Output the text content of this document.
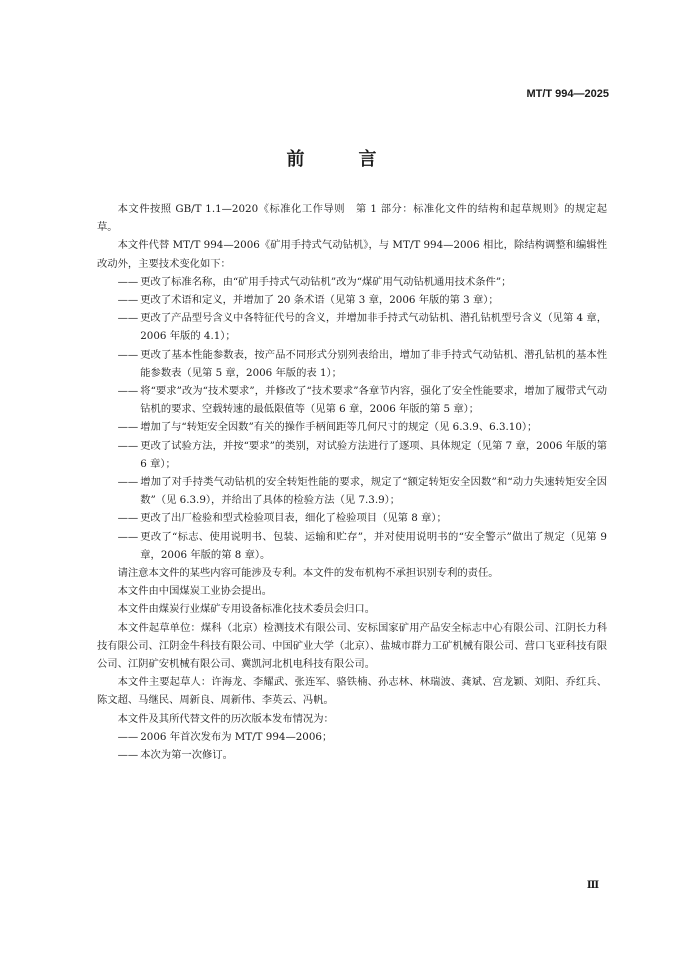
MT/T 994—2025
前　言

本文件按照 GB/T 1.1—2020《标准化工作导则　第 1 部分：标准化文件的结构和起草规则》的规定起草。

本文件代替 MT/T 994—2006《矿用手持式气动钻机》，与 MT/T 994—2006 相比，除结构调整和编辑性改动外，主要技术变化如下：

—— 更改了标准名称，由“矿用手持式气动钻机”改为“煤矿用气动钻机通用技术条件”；
—— 更改了术语和定义，并增加了 20 条术语（见第 3 章，2006 年版的第 3 章）；
—— 更改了产品型号含义中各特征代号的含义，并增加非手持式气动钻机、潜孔钻机型号含义（见第 4 章，2006 年版的 4.1）；
—— 更改了基本性能参数表，按产品不同形式分别列表给出，增加了非手持式气动钻机、潜孔钻机的基本性能参数表（见第 5 章，2006 年版的表 1）；
—— 将“要求”改为“技术要求”，并修改了“技术要求”各章节内容，强化了安全性能要求，增加了履带式气动钻机的要求、空载转速的最低限值等（见第 6 章，2006 年版的第 5 章）；
—— 增加了与“转矩安全因数”有关的操作手柄间距等几何尺寸的规定（见 6.3.9、6.3.10）；
—— 更改了试验方法，并按“要求”的类别，对试验方法进行了逐项、具体规定（见第 7 章，2006 年版的第 6 章）；
—— 增加了对手持类气动钻机的安全转矩性能的要求，规定了“额定转矩安全因数”和“动力失速转矩安全因数”（见 6.3.9），并给出了具体的检验方法（见 7.3.9）；
—— 更改了出厂检验和型式检验项目表，细化了检验项目（见第 8 章）；
—— 更改了“标志、使用说明书、包装、运输和贮存”，并对使用说明书的“安全警示”做出了规定（见第 9 章，2006 年版的第 8 章）。

请注意本文件的某些内容可能涉及专利。本文件的发布机构不承担识别专利的责任。

本文件由中国煤炭工业协会提出。

本文件由煤炭行业煤矿专用设备标准化技术委员会归口。

本文件起草单位：煤科（北京）检测技术有限公司、安标国家矿用产品安全标志中心有限公司、江阴长力科技有限公司、江阴金牛科技有限公司、中国矿业大学（北京）、盐城市群力工矿机械有限公司、营口飞亚科技有限公司、江阴矿安机械有限公司、冀凯河北机电科技有限公司。

本文件主要起草人：许海龙、李耀武、张连军、骆铁楠、孙志林、林瑞波、龚斌、宫龙颖、刘阳、乔红兵、陈文超、马继民、周新良、周新伟、李英云、冯帆。

本文件及其所代替文件的历次版本发布情况为：

—— 2006 年首次发布为 MT/T 994—2006；
—— 本次为第一次修订。
Ⅲ
